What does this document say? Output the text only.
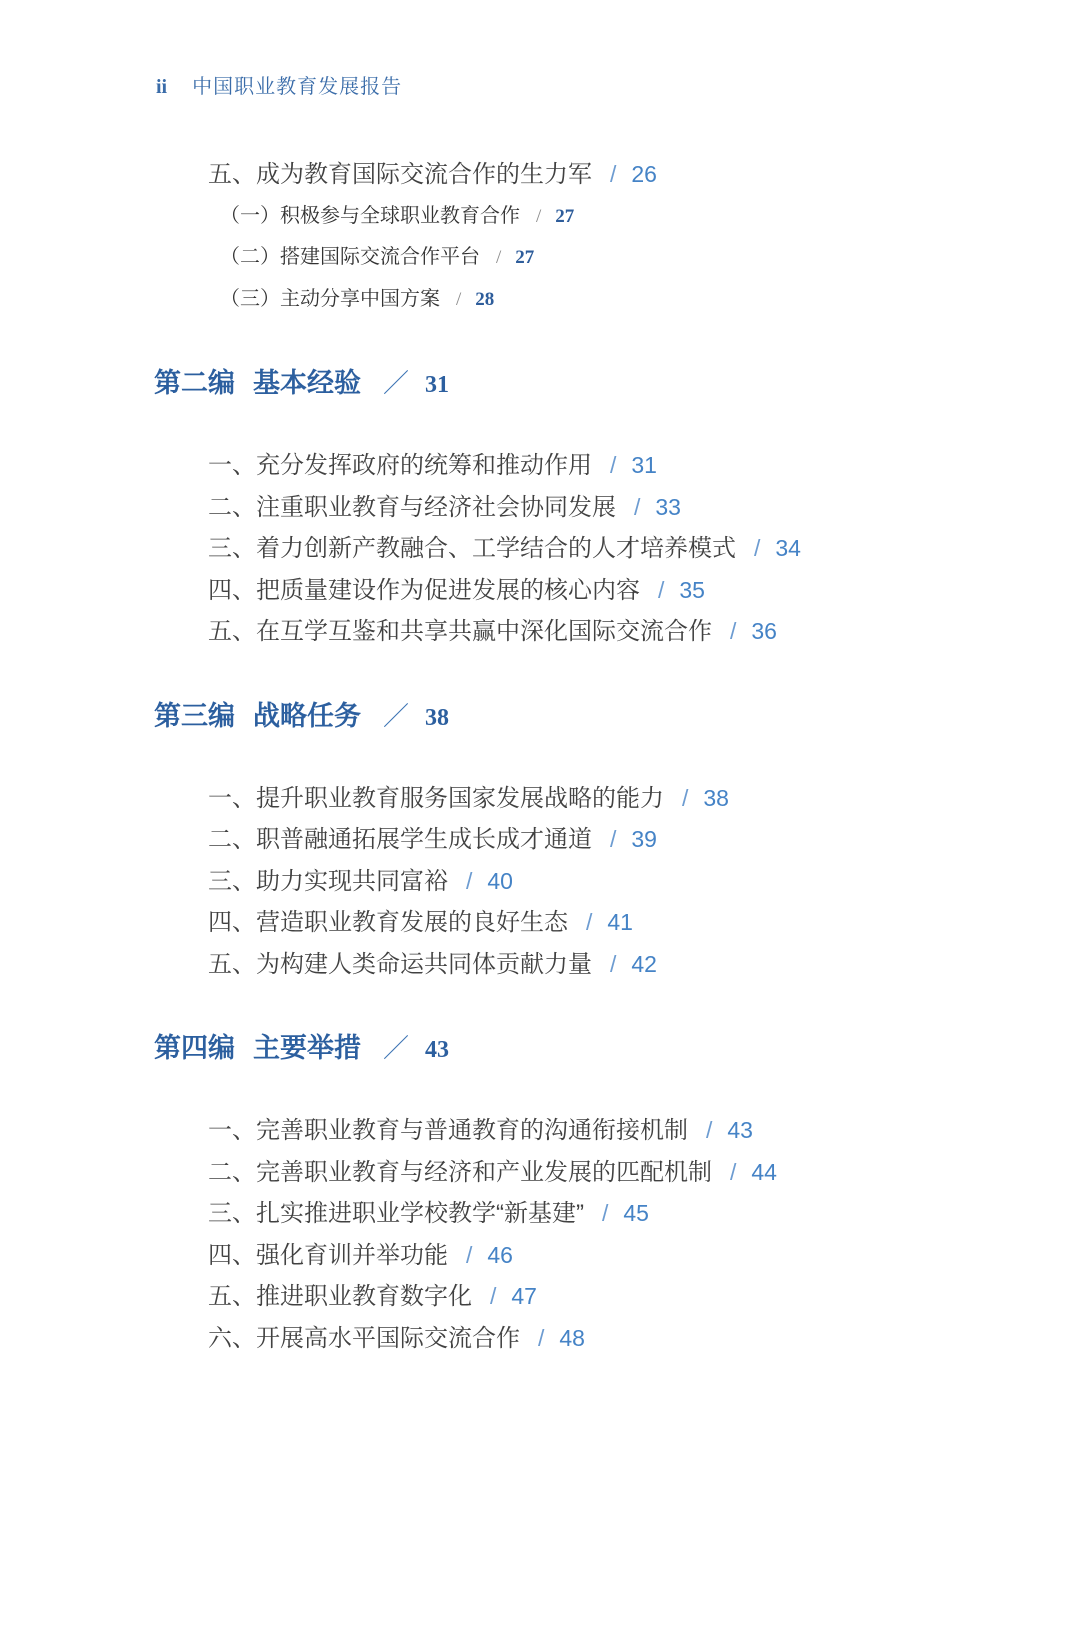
ii 中国职业教育发展报告
五、成为教育国际交流合作的生力军 / 26
（一）积极参与全球职业教育合作 / 27
（二）搭建国际交流合作平台 / 27
（三）主动分享中国方案 / 28
第二编 基本经验 ／ 31
一、充分发挥政府的统筹和推动作用 / 31
二、注重职业教育与经济社会协同发展 / 33
三、着力创新产教融合、工学结合的人才培养模式 / 34
四、把质量建设作为促进发展的核心内容 / 35
五、在互学互鉴和共享共赢中深化国际交流合作 / 36
第三编 战略任务 ／ 38
一、提升职业教育服务国家发展战略的能力 / 38
二、职普融通拓展学生成长成才通道 / 39
三、助力实现共同富裕 / 40
四、营造职业教育发展的良好生态 / 41
五、为构建人类命运共同体贡献力量 / 42
第四编 主要举措 ／ 43
一、完善职业教育与普通教育的沟通衔接机制 / 43
二、完善职业教育与经济和产业发展的匹配机制 / 44
三、扎实推进职业学校教学“新基建” / 45
四、强化育训并举功能 / 46
五、推进职业教育数字化 / 47
六、开展高水平国际交流合作 / 48
